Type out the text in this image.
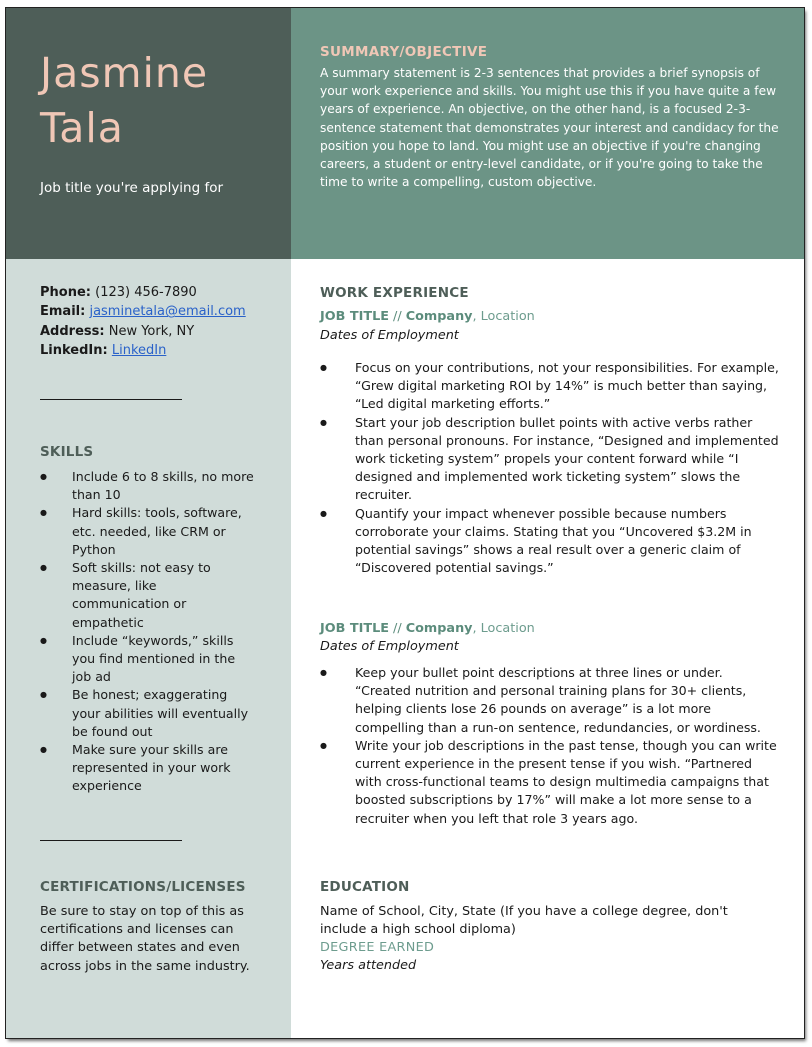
Jasmine
Tala
Job title you're applying for
SUMMARY/OBJECTIVE
A summary statement is 2-3 sentences that provides a brief synopsis of your work experience and skills. You might use this if you have quite a few years of experience. An objective, on the other hand, is a focused 2-3-sentence statement that demonstrates your interest and candidacy for the position you hope to land. You might use an objective if you're changing careers, a student or entry-level candidate, or if you're going to take the time to write a compelling, custom objective.
Phone: (123) 456-7890
Email: jasminetala@email.com
Address: New York, NY
LinkedIn: LinkedIn
SKILLS
● Include 6 to 8 skills, no more than 10
● Hard skills: tools, software, etc. needed, like CRM or Python
● Soft skills: not easy to measure, like communication or empathetic
● Include “keywords,” skills you find mentioned in the job ad
● Be honest; exaggerating your abilities will eventually be found out
● Make sure your skills are represented in your work experience
CERTIFICATIONS/LICENSES
Be sure to stay on top of this as certifications and licenses can differ between states and even across jobs in the same industry.
WORK EXPERIENCE
JOB TITLE // Company, Location
Dates of Employment
● Focus on your contributions, not your responsibilities. For example, “Grew digital marketing ROI by 14%” is much better than saying, “Led digital marketing efforts.”
● Start your job description bullet points with active verbs rather than personal pronouns. For instance, “Designed and implemented work ticketing system” propels your content forward while “I designed and implemented work ticketing system” slows the recruiter.
● Quantify your impact whenever possible because numbers corroborate your claims. Stating that you “Uncovered $3.2M in potential savings” shows a real result over a generic claim of “Discovered potential savings.”
JOB TITLE // Company, Location
Dates of Employment
● Keep your bullet point descriptions at three lines or under. “Created nutrition and personal training plans for 30+ clients, helping clients lose 26 pounds on average” is a lot more compelling than a run-on sentence, redundancies, or wordiness.
● Write your job descriptions in the past tense, though you can write current experience in the present tense if you wish. “Partnered with cross-functional teams to design multimedia campaigns that boosted subscriptions by 17%” will make a lot more sense to a recruiter when you left that role 3 years ago.
EDUCATION
Name of School, City, State (If you have a college degree, don't include a high school diploma)
DEGREE EARNED
Years attended
